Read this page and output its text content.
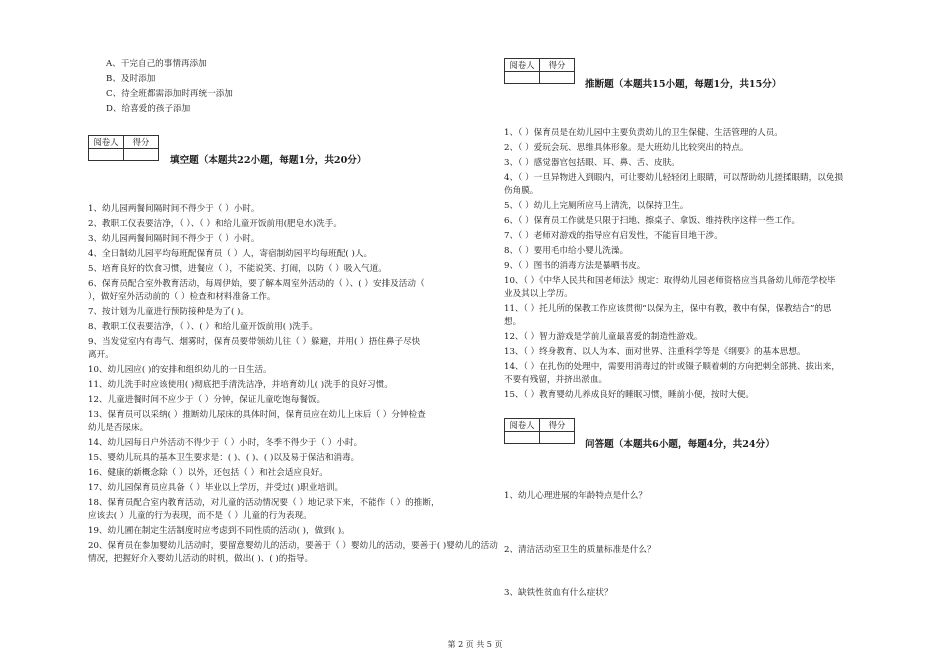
A、干完自己的事情再添加
B、及时添加
C、待全班都需添加时再统一添加
D、给喜爱的孩子添加
阅卷人	得分

填空题（本题共22小题，每题1分，共20分）
1、幼儿园两餐间隔时间不得少于（ ）小时。
2、教职工仪表要洁净，（ ）、（ ）和给儿童开饭前用(肥皂水)洗手。
3、幼儿园两餐间隔时间不得少于（ ）小时。
4、全日制幼儿园平均每班配保育员（ ）人，寄宿制幼园平均每班配( )人。
5、培育良好的饮食习惯，进餐应（ ），不能说笑、打闹，以防（ ）吸入气道。
6、保育员配合室外教育活动，每周伊始，要了解本周室外活动的（ ）、( ）安排及活动（
），做好室外活动前的（ ）检查和材料准备工作。
7、按计划为儿童进行预防接种是为了( )。
8、教职工仪表要洁净，（ ）、( ）和给儿童开饭前用( )洗手。
9、当发觉室内有毒气、烟雾时，保育员要带领幼儿往（ ）躲避，并用( ）捂住鼻子尽快
离开。
10、幼儿园应( )的安排和组织幼儿的一日生活。
11、幼儿洗手时应该使用( )彻底把手清洗洁净，并培育幼儿( )洗手的良好习惯。
12、儿童进餐时间不应少于（ ）分钟，保证儿童吃饱每餐饭。
13、保育员可以采纳( ）推断幼儿尿床的具体时间，保育员应在幼儿上床后（ ）分钟检查
幼儿是否尿床。
14、幼儿园每日户外活动不得少于（ ）小时，冬季不得少于（ ）小时。
15、婴幼儿玩具的基本卫生要求是：( )、( )、( )以及易于保洁和消毒。
16、健康的新概念除（ ）以外，还包括（ ）和社会适应良好。
17、幼儿园保育员应具备（ ）毕业以上学历，并受过( )职业培训。
18、保育员配合室内教育活动，对儿童的活动情况要（ ）地记录下来，不能作（ ）的推断，
应该去( ）儿童的行为表现，而不是（ ）儿童的行为表现。
19、幼儿圃在制定生活制度时应考虑到不同性质的活动( )，做到( )。
20、保育员在参加婴幼儿活动时，要留意婴幼儿的活动，要善于（ ）婴幼儿的活动，要善于( )婴幼儿的活动
情况，把握好介入婴幼儿活动的时机，做出( )、( )的指导。
阅卷人	得分

推断题（本题共15小题，每题1分，共15分）
1、（ ）保育员是在幼儿园中主要负责幼儿的卫生保健、生活管理的人员。
2、（ ）爱玩会玩、思维具体形象。是大班幼儿比较突出的特点。
3、（ ）感觉器官包括眼、耳、鼻、舌、皮肤。
4、（ ）一旦异物进入到眼内，可让婴幼儿轻轻闭上眼睛，可以帮助幼儿搓揉眼睛，以免损
伤角膜。
5、（ ）幼儿上完厕所应马上清洗，以保持卫生。
6、（ ）保育员工作就是只限于扫地、擦桌子、拿饭、维持秩序这样一些工作。
7、（ ）老师对游戏的指导应有启发性，不能盲目地干涉。
8、（ ）要用毛巾给小婴儿洗澡。
9、（ ）图书的消毒方法是暴晒书皮。
10、（ ）《中华人民共和国老师法》规定：取得幼儿园老师资格应当具备幼儿师范学校毕
业及其以上学历。
11、（ ）托儿所的保教工作应该贯彻“以保为主，保中有教，教中有保，保教结合”的思
想。
12、（ ）智力游戏是学前儿童最喜爱的制造性游戏。
13、（ ）终身教育、以人为本、面对世界、注重科学等是《纲要》的基本思想。
14、（ ）在扎伤的处理中，需要用消毒过的针或镊子顺着刺的方向把刺全部挑、拔出来，
不要有残留，并挤出淤血。
15、（ ）教育婴幼儿养成良好的睡眠习惯，睡前小便，按时大便。
阅卷人	得分

问答题（本题共6小题，每题4分，共24分）
1、幼儿心理进展的年龄特点是什么？
2、清洁活动室卫生的质量标准是什么？
3、缺铁性贫血有什么症状？
第 2 页 共 5 页
